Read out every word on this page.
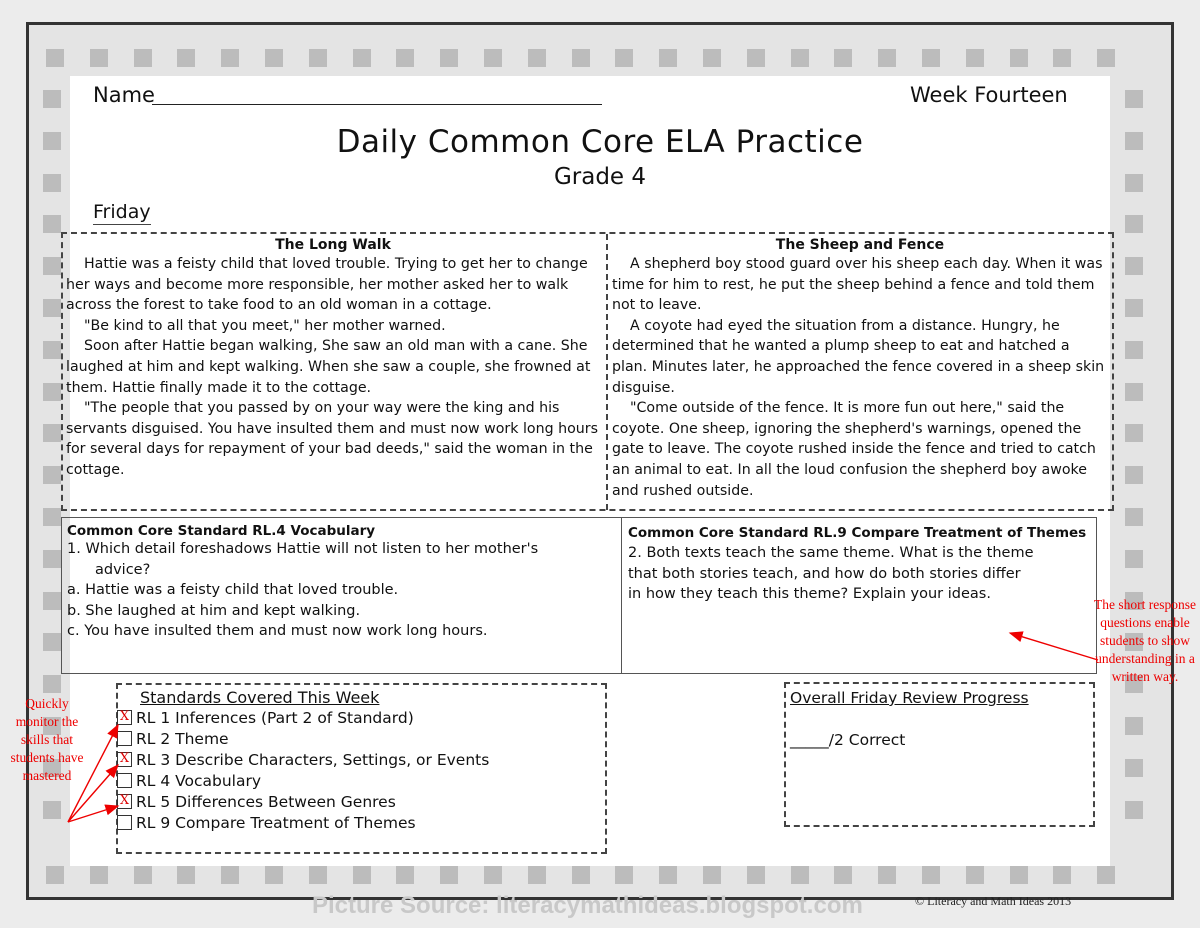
Name	Week Fourteen
Daily Common Core ELA Practice
Grade 4
Friday
The Long Walk

Hattie was a feisty child that loved trouble. Trying to get her to change her ways and become more responsible, her mother asked her to walk across the forest to take food to an old woman in a cottage.

"Be kind to all that you meet," her mother warned.

Soon after Hattie began walking, She saw an old man with a cane. She laughed at him and kept walking. When she saw a couple, she frowned at them. Hattie finally made it to the cottage.

"The people that you passed by on your way were the king and his servants disguised. You have insulted them and must now work long hours for several days for repayment of your bad deeds," said the woman in the cottage.

The Sheep and Fence

A shepherd boy stood guard over his sheep each day. When it was time for him to rest, he put the sheep behind a fence and told them not to leave.

A coyote had eyed the situation from a distance. Hungry, he determined that he wanted a plump sheep to eat and hatched a plan. Minutes later, he approached the fence covered in a sheep skin disguise.

"Come outside of the fence. It is more fun out here," said the coyote. One sheep, ignoring the shepherd's warnings, opened the gate to leave. The coyote rushed inside the fence and tried to catch an animal to eat. In all the loud confusion the shepherd boy awoke and rushed outside.

Common Core Standard RL.4 Vocabulary
1. Which detail foreshadows Hattie will not listen to her mother's
advice?
a. Hattie was a feisty child that loved trouble.
b. She laughed at him and kept walking.
c. You have insulted them and must now work long hours.
Common Core Standard RL.9 Compare Treatment of Themes
2. Both texts teach the same theme. What is the theme
that both stories teach, and how do both stories differ
in how they teach this theme? Explain your ideas.
Standards Covered This Week
X RL 1 Inferences (Part 2 of Standard)
RL 2 Theme
X RL 3 Describe Characters, Settings, or Events
RL 4 Vocabulary
X RL 5 Differences Between Genres
RL 9 Compare Treatment of Themes
Overall Friday Review Progress
_____/2 Correct
Quickly monitor the skills that students have mastered
The short response questions enable students to show understanding in a written way.
Picture Source: literacymathideas.blogspot.com	© Literacy and Math Ideas 2013
